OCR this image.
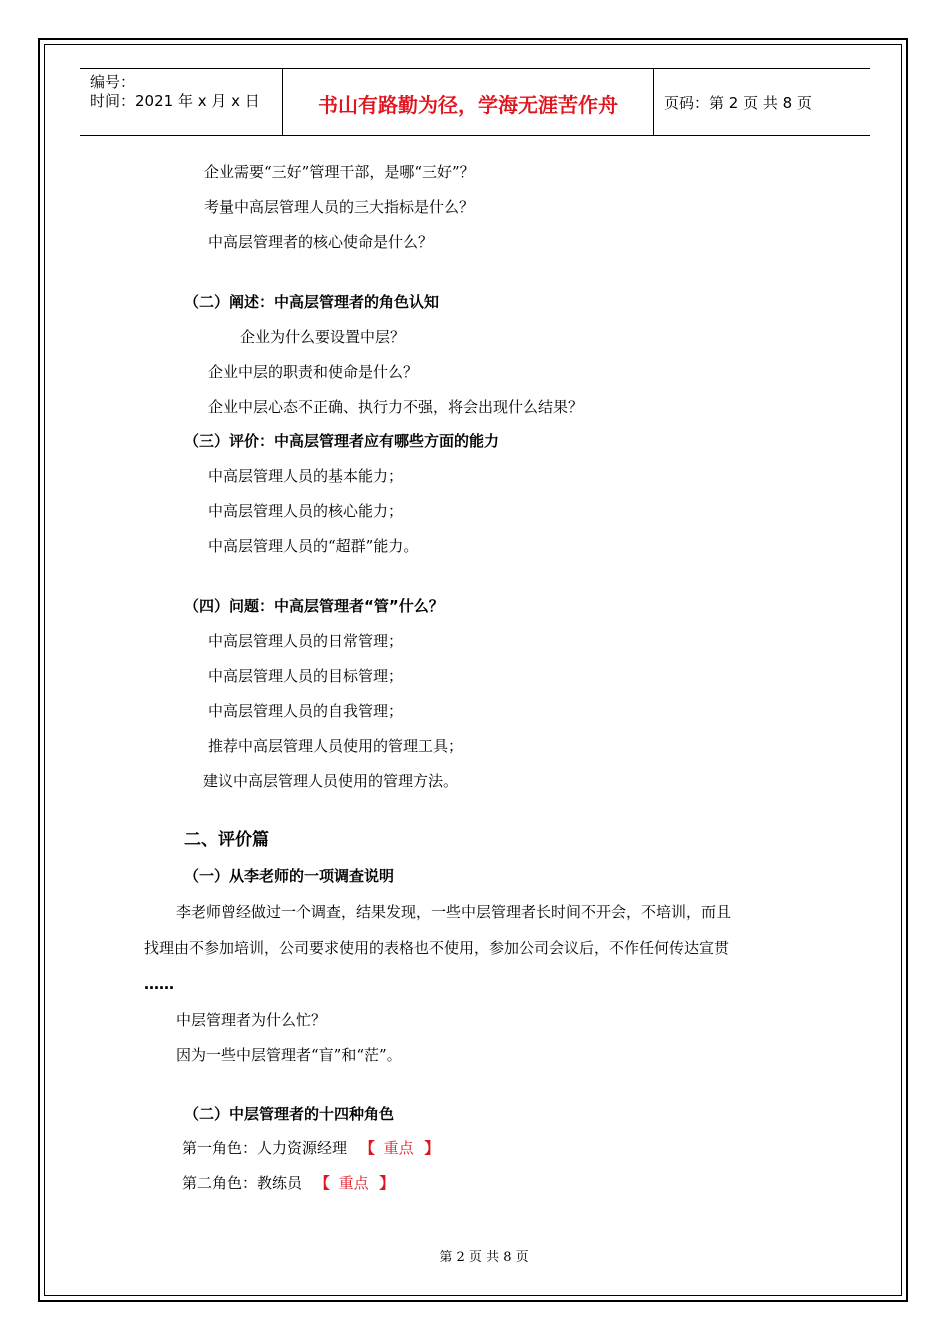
编号：
时间：2021 年 x 月 x 日	书山有路勤为径，学海无涯苦作舟	页码：第 2 页 共 8 页
企业需要“三好”管理干部，是哪“三好”？
考量中高层管理人员的三大指标是什么？
中高层管理者的核心使命是什么？
（二）阐述：中高层管理者的角色认知
企业为什么要设置中层？
企业中层的职责和使命是什么？
企业中层心态不正确、执行力不强，将会出现什么结果？
（三）评价：中高层管理者应有哪些方面的能力
中高层管理人员的基本能力；
中高层管理人员的核心能力；
中高层管理人员的“超群”能力。
（四）问题：中高层管理者“管”什么？
中高层管理人员的日常管理；
中高层管理人员的目标管理；
中高层管理人员的自我管理；
推荐中高层管理人员使用的管理工具；
建议中高层管理人员使用的管理方法。
二、评价篇
（一）从李老师的一项调查说明
李老师曾经做过一个调查，结果发现，一些中层管理者长时间不开会，不培训，而且
找理由不参加培训，公司要求使用的表格也不使用，参加公司会议后，不作任何传达宣贯
……
中层管理者为什么忙？
因为一些中层管理者“盲”和“茫”。
（二）中层管理者的十四种角色
第一角色：人力资源经理 【 重点 】
第二角色：教练员 【 重点 】
第 2 页 共 8 页
